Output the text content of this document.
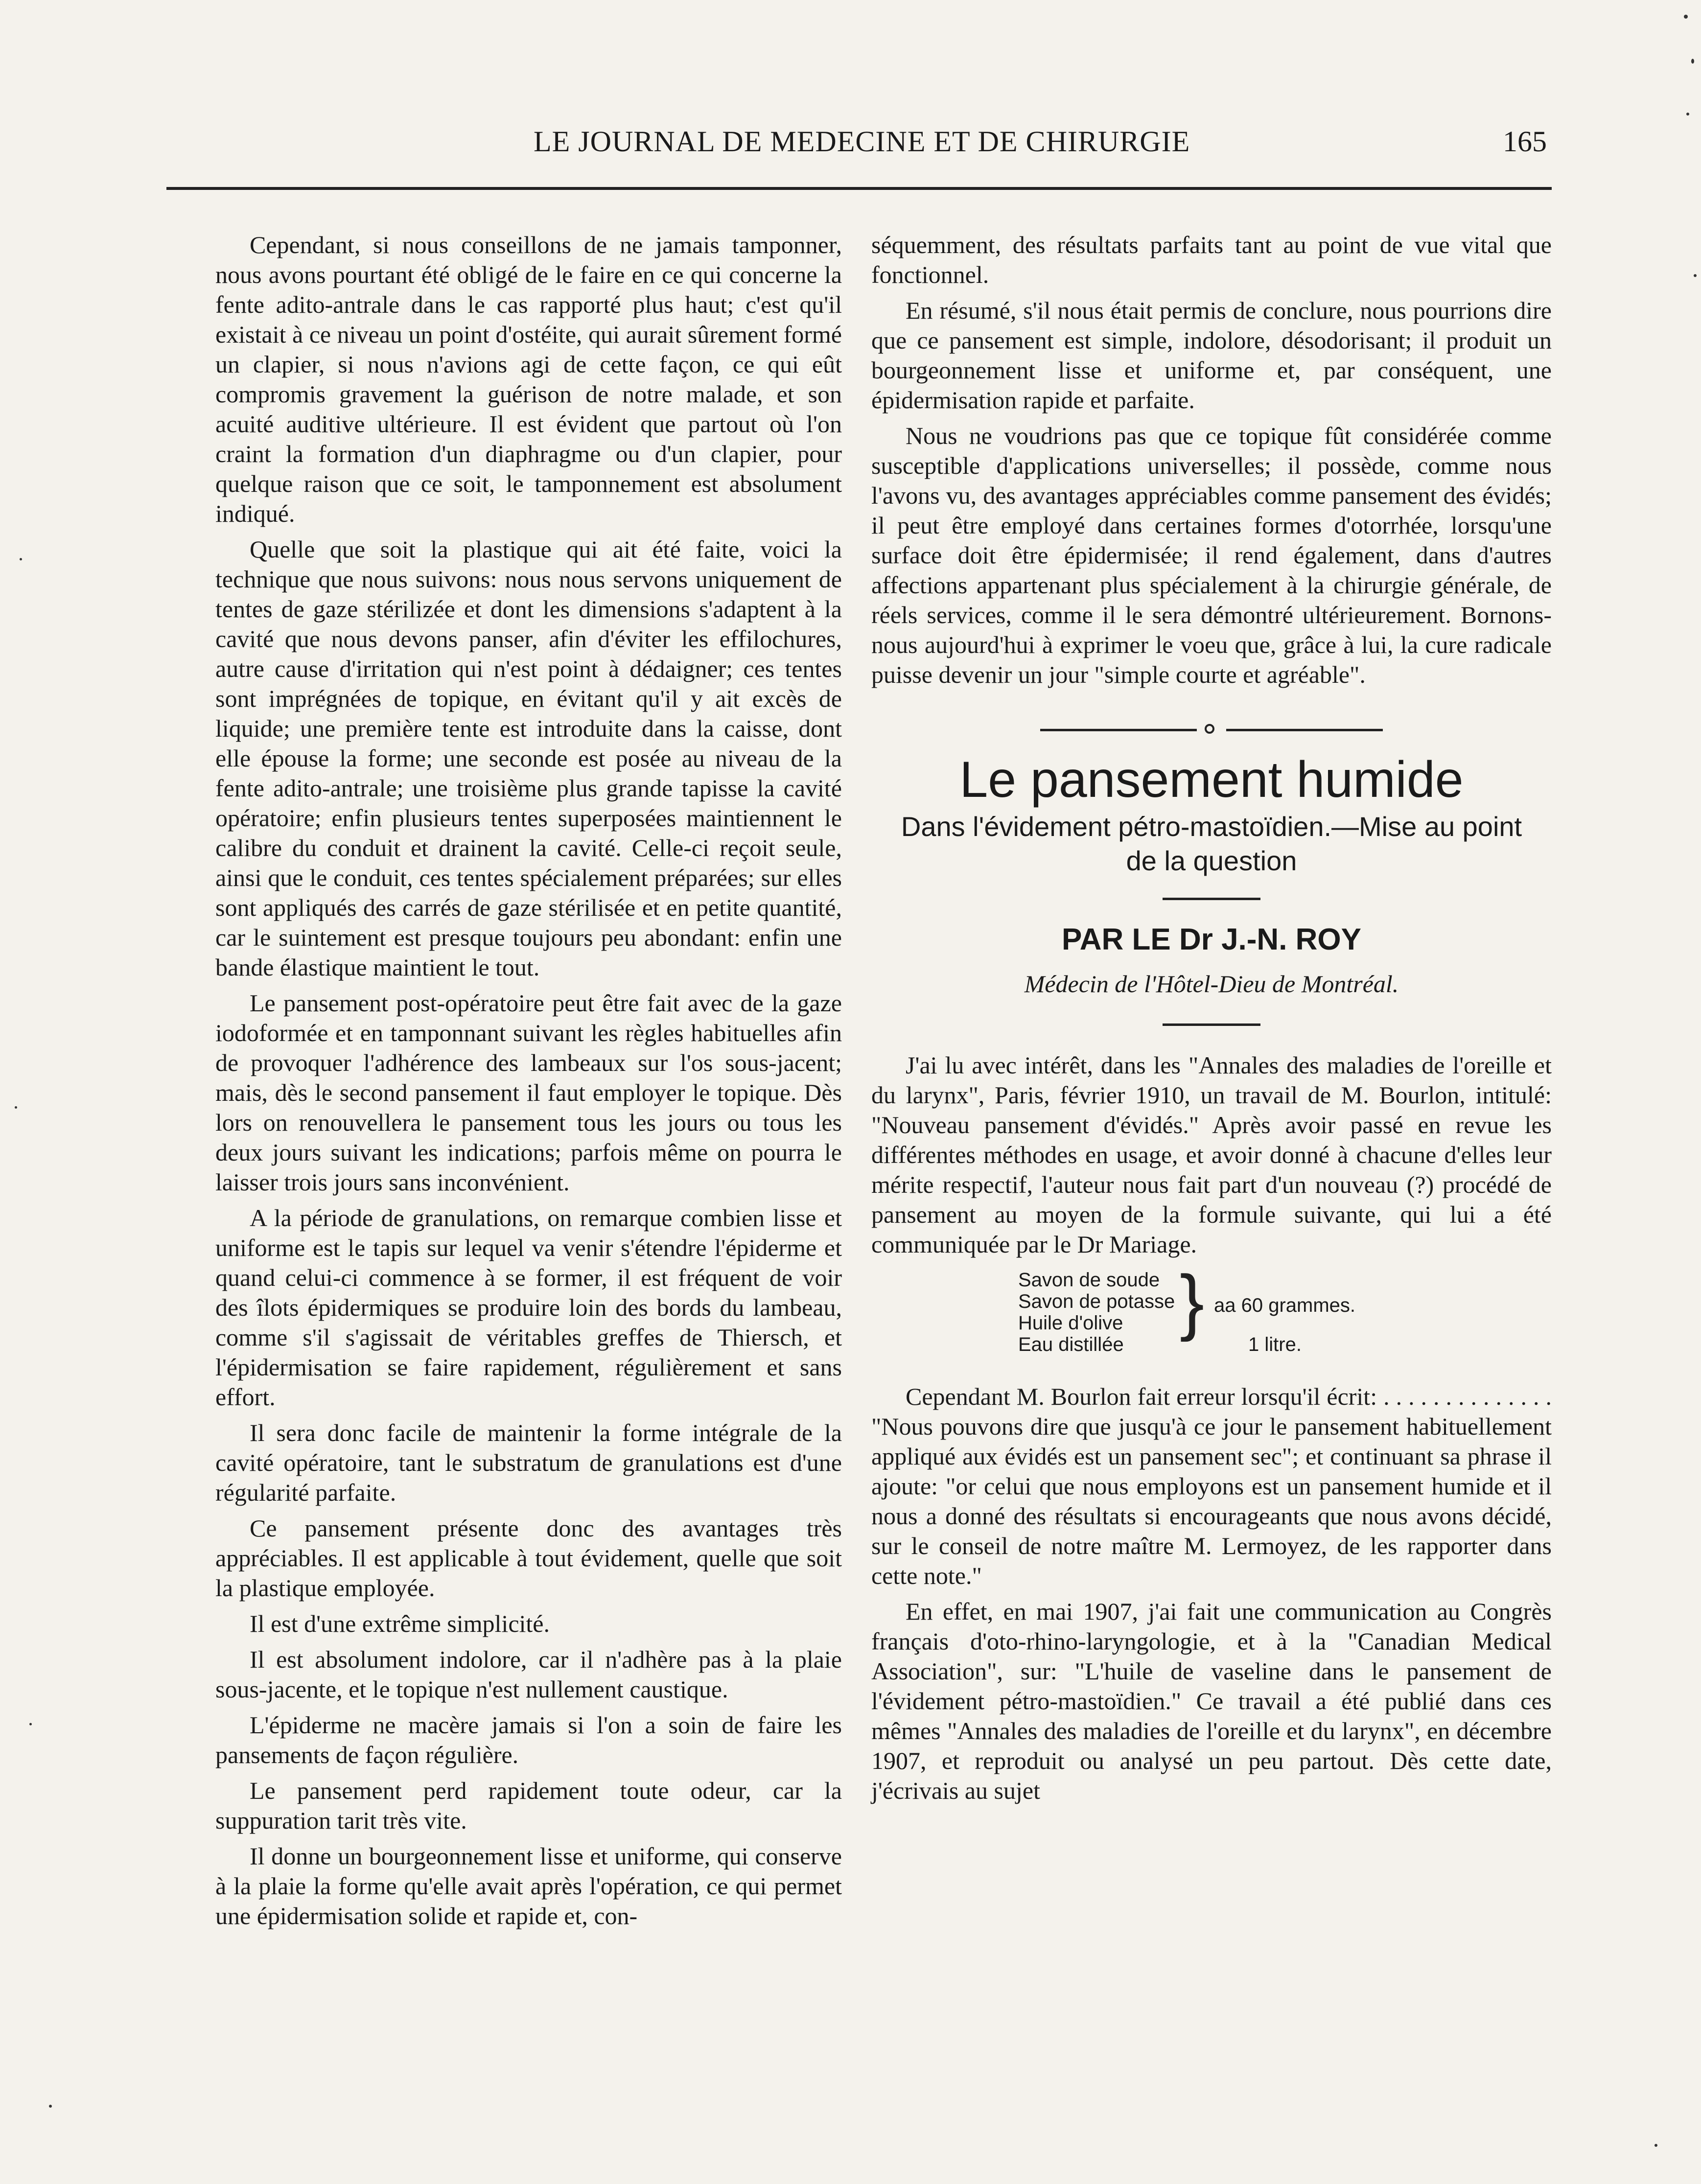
LE JOURNAL DE MEDECINE ET DE CHIRURGIE	165

Cependant, si nous conseillons de ne jamais tamponner, nous avons pourtant été obligé de le faire en ce qui concerne la fente adito-antrale dans le cas rapporté plus haut; c'est qu'il existait à ce niveau un point d'ostéite, qui aurait sûrement formé un clapier, si nous n'avions agi de cette façon, ce qui eût compromis gravement la guérison de notre malade, et son acuité auditive ultérieure. Il est évident que partout où l'on craint la formation d'un diaphragme ou d'un clapier, pour quelque raison que ce soit, le tamponnement est absolument indiqué.

Quelle que soit la plastique qui ait été faite, voici la technique que nous suivons: nous nous servons uniquement de tentes de gaze stérilizée et dont les dimensions s'adaptent à la cavité que nous devons panser, afin d'éviter les effilochures, autre cause d'irritation qui n'est point à dédaigner; ces tentes sont imprégnées de topique, en évitant qu'il y ait excès de liquide; une première tente est introduite dans la caisse, dont elle épouse la forme; une seconde est posée au niveau de la fente adito-antrale; une troisième plus grande tapisse la cavité opératoire; enfin plusieurs tentes superposées maintiennent le calibre du conduit et drainent la cavité. Celle-ci reçoit seule, ainsi que le conduit, ces tentes spécialement préparées; sur elles sont appliqués des carrés de gaze stérilisée et en petite quantité, car le suintement est presque toujours peu abondant: enfin une bande élastique maintient le tout.

Le pansement post-opératoire peut être fait avec de la gaze iodoformée et en tamponnant suivant les règles habituelles afin de provoquer l'adhérence des lambeaux sur l'os sous-jacent; mais, dès le second pansement il faut employer le topique. Dès lors on renouvellera le pansement tous les jours ou tous les deux jours suivant les indications; parfois même on pourra le laisser trois jours sans inconvénient.

A la période de granulations, on remarque combien lisse et uniforme est le tapis sur lequel va venir s'étendre l'épiderme et quand celui-ci commence à se former, il est fréquent de voir des îlots épidermiques se produire loin des bords du lambeau, comme s'il s'agissait de véritables greffes de Thiersch, et l'épidermisation se faire rapidement, régulièrement et sans effort.

Il sera donc facile de maintenir la forme intégrale de la cavité opératoire, tant le substratum de granulations est d'une régularité parfaite.

Ce pansement présente donc des avantages très appréciables. Il est applicable à tout évidement, quelle que soit la plastique employée.

Il est d'une extrême simplicité.

Il est absolument indolore, car il n'adhère pas à la plaie sous-jacente, et le topique n'est nullement caustique.

L'épiderme ne macère jamais si l'on a soin de faire les pansements de façon régulière.

Le pansement perd rapidement toute odeur, car la suppuration tarit très vite.

Il donne un bourgeonnement lisse et uniforme, qui conserve à la plaie la forme qu'elle avait après l'opération, ce qui permet une épidermisation solide et rapide et, con-

séquemment, des résultats parfaits tant au point de vue vital que fonctionnel.

En résumé, s'il nous était permis de conclure, nous pourrions dire que ce pansement est simple, indolore, désodorisant; il produit un bourgeonnement lisse et uniforme et, par conséquent, une épidermisation rapide et parfaite.

Nous ne voudrions pas que ce topique fût considérée comme susceptible d'applications universelles; il possède, comme nous l'avons vu, des avantages appréciables comme pansement des évidés; il peut être employé dans certaines formes d'otorrhée, lorsqu'une surface doit être épidermisée; il rend également, dans d'autres affections appartenant plus spécialement à la chirurgie générale, de réels services, comme il le sera démontré ultérieurement. Bornons-nous aujourd'hui à exprimer le voeu que, grâce à lui, la cure radicale puisse devenir un jour "simple courte et agréable".

Le pansement humide
Dans l'évidement pétro-mastoïdien.—Mise au point
de la question
PAR LE Dr J.-N. ROY
Médecin de l'Hôtel-Dieu de Montréal.

J'ai lu avec intérêt, dans les "Annales des maladies de l'oreille et du larynx", Paris, février 1910, un travail de M. Bourlon, intitulé: "Nouveau pansement d'évidés." Après avoir passé en revue les différentes méthodes en usage, et avoir donné à chacune d'elles leur mérite respectif, l'auteur nous fait part d'un nouveau (?) procédé de pansement au moyen de la formule suivante, qui lui a été communiquée par le Dr Mariage.

Savon de soude
Savon de potasse
Huile d'olive
Eau distillée
} aa 60 grammes.
1 litre.

Cependant M. Bourlon fait erreur lorsqu'il écrit: . . . . . . . . . . . . . . "Nous pouvons dire que jusqu'à ce jour le pansement habituellement appliqué aux évidés est un pansement sec"; et continuant sa phrase il ajoute: "or celui que nous employons est un pansement humide et il nous a donné des résultats si encourageants que nous avons décidé, sur le conseil de notre maître M. Lermoyez, de les rapporter dans cette note."

En effet, en mai 1907, j'ai fait une communication au Congrès français d'oto-rhino-laryngologie, et à la "Canadian Medical Association", sur: "L'huile de vaseline dans le pansement de l'évidement pétro-mastoïdien." Ce travail a été publié dans ces mêmes "Annales des maladies de l'oreille et du larynx", en décembre 1907, et reproduit ou analysé un peu partout. Dès cette date, j'écrivais au sujet
